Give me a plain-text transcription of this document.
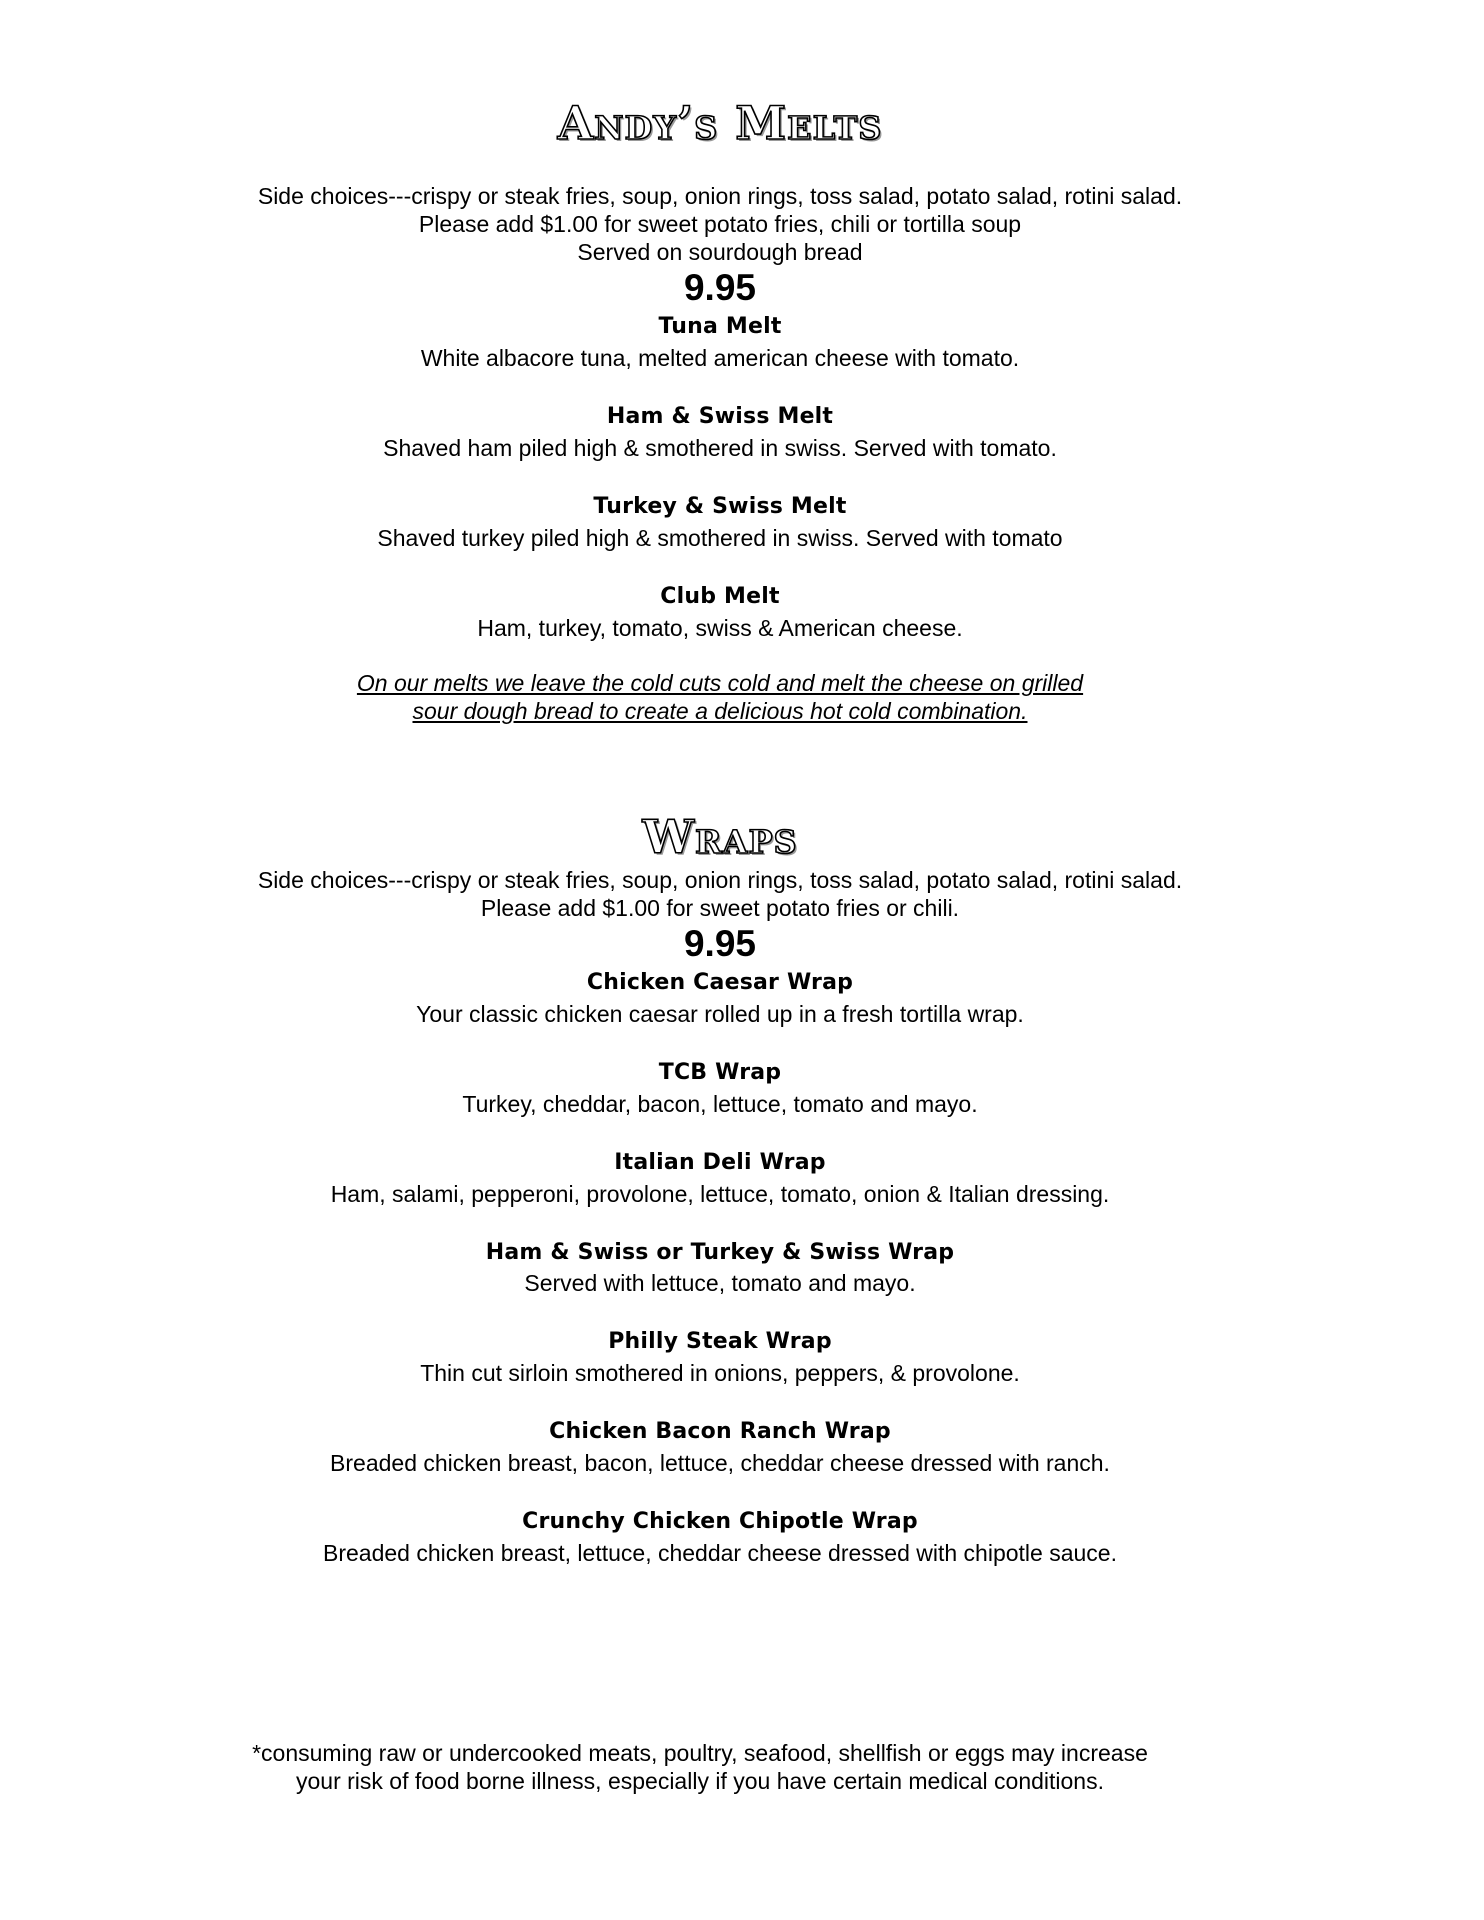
Andy’s Melts
Side choices---crispy or steak fries, soup, onion rings, toss salad, potato salad, rotini salad.
Please add $1.00 for sweet potato fries, chili or tortilla soup
Served on sourdough bread
9.95
Tuna Melt
White albacore tuna, melted american cheese with tomato.
Ham & Swiss Melt
Shaved ham piled high & smothered in swiss. Served with tomato.
Turkey & Swiss Melt
Shaved turkey piled high & smothered in swiss. Served with tomato
Club Melt
Ham, turkey, tomato, swiss & American cheese.
On our melts we leave the cold cuts cold and melt the cheese on grilled
sour dough bread to create a delicious hot cold combination.
Wraps
Side choices---crispy or steak fries, soup, onion rings, toss salad, potato salad, rotini salad.
Please add $1.00 for sweet potato fries or chili.
9.95
Chicken Caesar Wrap
Your classic chicken caesar rolled up in a fresh tortilla wrap.
TCB Wrap
Turkey, cheddar, bacon, lettuce, tomato and mayo.
Italian Deli Wrap
Ham, salami, pepperoni, provolone, lettuce, tomato, onion & Italian dressing.
Ham & Swiss or Turkey & Swiss Wrap
Served with lettuce, tomato and mayo.
Philly Steak Wrap
Thin cut sirloin smothered in onions, peppers, & provolone.
Chicken Bacon Ranch Wrap
Breaded chicken breast, bacon, lettuce, cheddar cheese dressed with ranch.
Crunchy Chicken Chipotle Wrap
Breaded chicken breast, lettuce, cheddar cheese dressed with chipotle sauce.
*consuming raw or undercooked meats, poultry, seafood, shellfish or eggs may increase
your risk of food borne illness, especially if you have certain medical conditions.
